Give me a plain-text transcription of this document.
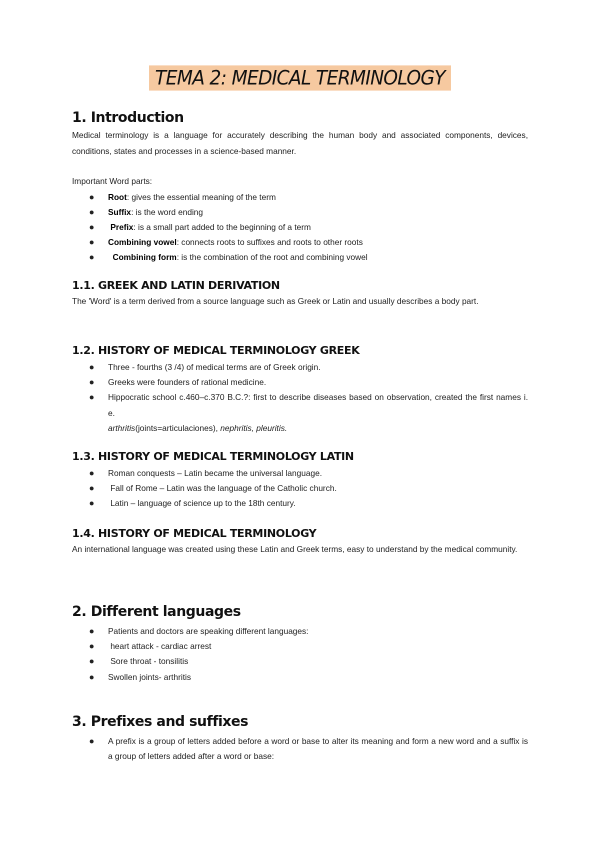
TEMA 2: MEDICAL TERMINOLOGY
1. Introduction

Medical terminology is a language for accurately describing the human body and associated components, devices, conditions, states and processes in a science-based manner.

Important Word parts:

● Root: gives the essential meaning of the term
● Suffix: is the word ending
● Prefix: is a small part added to the beginning of a term
● Combining vowel: connects roots to suffixes and roots to other roots
● Combining form: is the combination of the root and combining vowel
1.1. GREEK AND LATIN DERIVATION

The 'Word' is a term derived from a source language such as Greek or Latin and usually describes a body part.

1.2. HISTORY OF MEDICAL TERMINOLOGY GREEK
● Three - fourths (3 /4) of medical terms are of Greek origin.
● Greeks were founders of rational medicine.
● Hippocratic school c.460–c.370 B.C.?: first to describe diseases based on observation, created the first names i. e.

arthritis(joints=articulaciones), nephritis, pleuritis.

1.3. HISTORY OF MEDICAL TERMINOLOGY LATIN
● Roman conquests – Latin became the universal language.
● Fall of Rome – Latin was the language of the Catholic church.
● Latin – language of science up to the 18th century.
1.4. HISTORY OF MEDICAL TERMINOLOGY

An international language was created using these Latin and Greek terms, easy to understand by the medical community.

2. Different languages
● Patients and doctors are speaking different languages:
● heart attack - cardiac arrest
● Sore throat - tonsilitis
● Swollen joints- arthritis
3. Prefixes and suffixes
● A prefix is a group of letters added before a word or base to alter its meaning and form a new word and a suffix is a group of letters added after a word or base:
